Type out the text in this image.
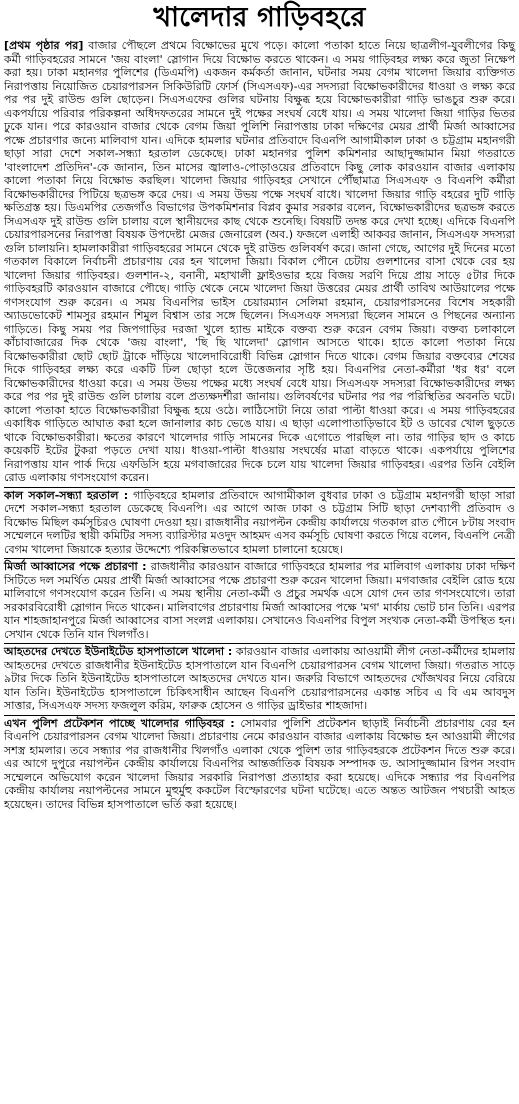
খালেদার গাড়িবহরে

[প্রথম পৃষ্ঠার পর] বাজার পৌছলে প্রথমে বিক্ষোভের মুখে পড়ে। কালো পতাকা হাতে নিয়ে ছাত্রলীগ-যুবলীগের কিছু কর্মী গাড়িবহরের সামনে 'জয় বাংলা' স্লোগান দিয়ে বিক্ষোভ করতে থাকেন। এ সময় গাড়িবহর লক্ষ্য করে জুতা নিক্ষেপ করা হয়। ঢাকা মহানগর পুলিশের (ডিএমপি) একজন কর্মকর্তা জানান, ঘটনার সময় বেগম খালেদা জিয়ার ব্যক্তিগত নিরাপত্তায় নিয়োজিত চেয়ারপারসন সিকিউরিটি ফোর্স (সিএসএফ)-এর সদস্যরা বিক্ষোভকারীদের ধাওয়া ও লক্ষ্য করে পর পর দুই রাউন্ড গুলি ছোড়েন। সিএসএফের গুলির ঘটনায় বিক্ষুব্ধ হয়ে বিক্ষোভকারীরা গাড়ি ভাঙচুর শুরু করে। একপর্যায়ে পরিবার পরিকল্পনা অধিদফতরের সামনে দুই পক্ষের সংঘর্ষ বেধে যায়। এ সময় খালেদা জিয়া গাড়ির ভিতর ঢুকে যান। পরে কারওয়ান বাজার থেকে বেগম জিয়া পুলিশি নিরাপত্তায় ঢাকা দক্ষিণের মেয়র প্রার্থী মির্জা আব্বাসের পক্ষে প্রচারণার জন্যে মালিবাগ যান। এদিকে হামলার ঘটনার প্রতিবাদে বিএনপি আগামীকাল ঢাকা ও চট্টগ্রাম মহানগরী ছাড়া সারা দেশে সকাল-সন্ধ্যা হরতাল ডেকেছে। ঢাকা মহানগর পুলিশ কমিশনার আছাদুজ্জামান মিয়া গতরাতে 'বাংলাদেশ প্রতিদিন'-কে জানান, তিন মাসের জ্বালাও-পোড়াওয়ের প্রতিবাদে কিছু লোক কারওয়ান বাজার এলাকায় কালো পতাকা নিয়ে বিক্ষোভ করছিল। খালেদা জিয়ার গাড়িবহর সেখানে পৌঁছামাত্র সিএসএফ ও বিএনপি কর্মীরা বিক্ষোভকারীদের পিটিয়ে ছত্রভঙ্গ করে দেয়। এ সময় উভয় পক্ষে সংঘর্ষ বাধে। খালেদা জিয়ার গাড়ি বহরের দুটি গাড়ি ক্ষতিগ্রস্ত হয়। ডিএমপির তেজগাঁও বিভাগের উপকমিশনার বিপ্লব কুমার সরকার বলেন, বিক্ষোভকারীদের ছত্রভঙ্গ করতে সিএসএফ দুই রাউন্ড গুলি চালায় বলে স্থানীয়দের কাছ থেকে শুনেছি। বিষয়টি তদন্ত করে দেখা হচ্ছে। এদিকে বিএনপি চেয়ারপারসনের নিরাপত্তা বিষয়ক উপদেষ্টা মেজর জেনারেল (অব.) ফজলে এলাহী আকবর জানান, সিএসএফ সদস্যরা গুলি চালায়নি। হামলাকারীরা গাড়িবহরের সামনে থেকে দুই রাউন্ড গুলিবর্ষণ করে। জানা গেছে, আগের দুই দিনের মতো গতকাল বিকালে নির্বাচনী প্রচারণায় বের হন খালেদা জিয়া। বিকাল পৌনে চেটায় গুলশানের বাসা থেকে বের হয় খালেদা জিয়ার গাড়িবহর। গুলশান-২, বনানী, মহাখালী ফ্লাইওভার হয়ে বিজয় সরণি দিয়ে প্রায় সাড়ে ৫টার দিকে গাড়িবহরটি কারওয়ান বাজারে পৌছে। গাড়ি থেকে নেমে খালেদা জিয়া উত্তরের মেয়র প্রার্থী তাবিথ আউয়ালের পক্ষে গণসংযোগ শুরু করেন। এ সময় বিএনপির ভাইস চেয়ারম্যান সেলিমা রহমান, চেয়ারপারসনের বিশেষ সহকারী অ্যাডভোকেট শামসুর রহমান শিমুল বিশ্বাস তার সঙ্গে ছিলেন। সিএসএফ সদস্যরা ছিলেন সামনে ও পিছনের অন্যান্য গাড়িতে। কিছু সময় পর জিপগাড়ির দরজা খুলে হ্যান্ড মাইকে বক্তব্য শুরু করেন বেগম জিয়া। বক্তব্য চলাকালে কাঁচাবাজারের দিক থেকে 'জয় বাংলা', 'ছি ছি খালেদা' স্লোগান আসতে থাকে। হাতে কালো পতাকা নিয়ে বিক্ষোভকারীরা ছোট ছোট ট্রাকে দাঁড়িয়ে খালেদাবিরোধী বিভিন্ন স্লোগান দিতে থাকে। বেগম জিয়ার বক্তব্যের শেষের দিকে গাড়িবহর লক্ষ্য করে একটি ঢিল ছোড়া হলে উত্তেজনার সৃষ্টি হয়। বিএনপির নেতা-কর্মীরা 'ধর ধর' বলে বিক্ষোভকারীদের ধাওয়া করে। এ সময় উভয় পক্ষের মধ্যে সংঘর্ষ বেধে যায়। সিএসএফ সদস্যরা বিক্ষোভকারীদের লক্ষ্য করে পর পর দুই রাউন্ড গুলি চালায় বলে প্রত্যক্ষদর্শীরা জানায়। গুলিবর্ষণের ঘটনার পর পর পরিস্থিতির অবনতি ঘটে। কালো পতাকা হাতে বিক্ষোভকারীরা বিক্ষুব্ধ হয়ে ওঠে। লাঠিসোটা নিয়ে তারা পাল্টা ধাওয়া করে। এ সময় গাড়িবহরের একাধিক গাড়িতে আঘাত করা হলে জানালার কাচ ভেঙে যায়। এ ছাড়া এলোপাতাড়িভাবে ইট ও ডাবের খোল ছুড়তে থাকে বিক্ষোভকারীরা। ক্ষতের কারণে খালেদার গাড়ি সামনের দিকে এগোতে পারছিল না। তার গাড়ির ছাদ ও কাচে কয়েকটি ইটের টুকরা পড়তে দেখা যায়। ধাওয়া-পাল্টা ধাওয়ায় সংঘর্ষের মাত্রা বাড়তে থাকে। একপর্যায়ে পুলিশের নিরাপত্তায় যান পার্ক দিয়ে এফডিসি হয়ে মগবাজারের দিকে চলে যায় খালেদা জিয়ার গাড়িবহর। এরপর তিনি বেইলি রোড এলাকায় গণসংযোগ করেন।

কাল সকাল-সন্ধ্যা হরতাল : গাড়িবহরে হামলার প্রতিবাদে আগামীকাল বুধবার ঢাকা ও চট্টগ্রাম মহানগরী ছাড়া সারা দেশে সকাল-সন্ধ্যা হরতাল ডেকেছে বিএনপি। এর আগে আজ ঢাকা ও চট্টগ্রাম সিটি ছাড়া দেশব্যাপী প্রতিবাদ ও বিক্ষোভ মিছিল কর্মসূচিরও ঘোষণা দেওয়া হয়। রাজধানীর নয়াপল্টন কেন্দ্রীয় কার্যালয়ে গতকাল রাত পৌনে ৮টায় সংবাদ সম্মেলনে দলটির স্থায়ী কমিটির সদস্য ব্যারিস্টার মওদুদ আহমদ এসব কর্মসূচি ঘোষণা করতে গিয়ে বলেন, বিএনপি নেত্রী বেগম খালেদা জিয়াকে হত্যার উদ্দেশ্যে পরিকল্পিতভাবে হামলা চালানো হয়েছে।

মির্জা আব্বাসের পক্ষে প্রচারণা : রাজধানীর কারওয়ান বাজারে গাড়িবহরে হামলার পর মালিবাগ এলাকায় ঢাকা দক্ষিণ সিটিতে দল সমর্থিত মেয়র প্রার্থী মির্জা আব্বাসের পক্ষে প্রচারণা শুরু করেন খালেদা জিয়া। মগবাজার বেইলি রোড হয়ে মালিবাগে গণসংযোগ করেন তিনি। এ সময় স্থানীয় নেতা-কর্মী ও প্রচুর সমর্থক এসে যোগ দেন তার গণসংযোগে। তারা সরকারবিরোধী স্লোগান দিতে থাকেন। মালিবাগের প্রচারণায় মির্জা আব্বাসের পক্ষে 'মগ' মার্কায় ভোট চান তিনি। এরপর যান শাহজাহানপুরে মির্জা আব্বাসের বাসা সংলগ্ন এলাকায়। সেখানেও বিএনপির বিপুল সংখ্যক নেতা-কর্মী উপস্থিত হন। সেখান থেকে তিনি যান খিলগাঁও।

আহতদের দেখতে ইউনাইটেড হাসপাতালে খালেদা : কারওয়ান বাজার এলাকায় আওয়ামী লীগ নেতা-কর্মীদের হামলায় আহতদের দেখতে রাজধানীর ইউনাইটেড হাসপাতালে যান বিএনপি চেয়ারপারসন বেগম খালেদা জিয়া। গতরাত সাড়ে ৯টার দিকে তিনি ইউনাইটেড হাসপাতালে আহতদের দেখতে যান। জরুরি বিভাগে আহতদের খোঁজখবর নিয়ে বেরিয়ে যান তিনি। ইউনাইটেড হাসপাতালে চিকিৎসাধীন আছেন বিএনপি চেয়ারপারসনের একান্ত সচিব এ বি এম আবদুস সাত্তার, সিএসএফ সদস্য ফজলুল করিম, ফারুক হোসেন ও গাড়ির ড্রাইভার শাহজাদা।

এখন পুলিশ প্রটেকশন পাচ্ছে খালেদার গাড়িবহর : সোমবার পুলিশি প্রটেকশন ছাড়াই নির্বাচনী প্রচারণায় বের হন বিএনপি চেয়ারপারসন বেগম খালেদা জিয়া। প্রচারণায় নেমে কারওয়ান বাজার এলাকায় বিক্ষোভ হন আওয়ামী লীগের সশস্ত্র হামলার। তবে সন্ধ্যার পর রাজধানীর খিলগাঁও এলাকা থেকে পুলিশ তার গাড়িবহরকে প্রটেকশন দিতে শুরু করে। এর আগে দুপুরে নয়াপল্টন কেন্দ্রীয় কার্যালয়ে বিএনপির আন্তর্জাতিক বিষয়ক সম্পাদক ড. আসাদুজ্জামান রিপন সংবাদ সম্মেলনে অভিযোগ করেন খালেদা জিয়ার সরকারি নিরাপত্তা প্রত্যাহার করা হয়েছে। এদিকে সন্ধ্যার পর বিএনপির কেন্দ্রীয় কার্যালয় নয়াপল্টনের সামনে মুহুর্মুহু ককটেল বিস্ফোরণের ঘটনা ঘটেছে। এতে অন্তত আটজন পথচারী আহত হয়েছেন। তাদের বিভিন্ন হাসপাতালে ভর্তি করা হয়েছে।
